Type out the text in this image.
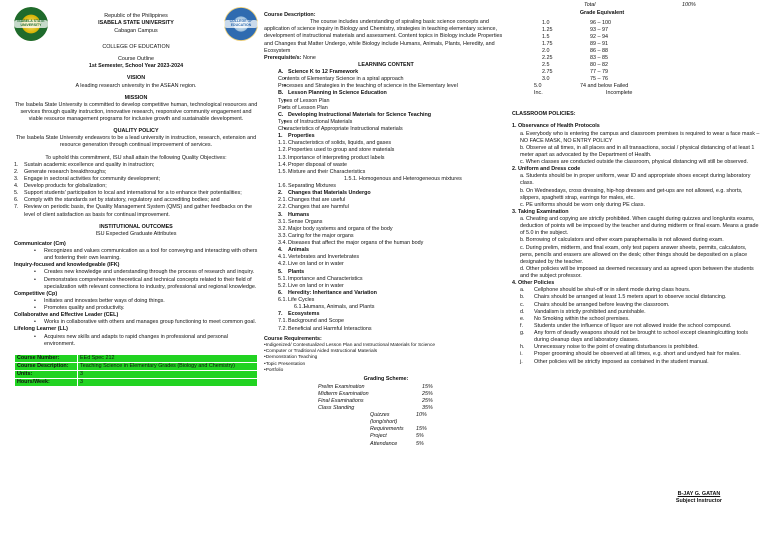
ISABELA STATE UNIVERSITY

Republic of the Philippines

ISABELA STATE UNIVERSITY

Cabagan Campus

COLLEGE OF EDUCATION

COLLEGE OF EDUCATION

Course Outline

1st Semester, School Year 2023-2024

VISION

A leading research university in the ASEAN region.

MISSION

The Isabela State University is committed to develop competitive human, technological resources and services through quality instruction, innovative research, responsive community engagement and viable resource management programs for inclusive growth and sustainable development.

QUALITY POLICY

The Isabela State University endeavors to be a lead university in instruction, research, extension and resource generation through continual improvement of services.

To uphold this commitment, ISU shall attain the following Quality Objectives:

1.	Sustain academic excellence and quality in instruction;
2.	Generate research breakthroughs;
3.	Engage in sectoral activities for community development;
4.	Develop products for globalization;
5.	Support students' participation to local and international for a to enhance their potentialities;
6.	Comply with the standards set by statutory, regulatory and accrediting bodies; and
7.	Review on periodic basis, the Quality Management System (QMS) and gather feedbacks on the level of client satisfaction as basis for continual improvement.

INSTITUTIONAL OUTCOMES

ISU Expected Graduate Attributes

Communicator (Cm)

• Recognizes and values communication as a tool for conveying and interacting with others and fostering their own learning.

Inquiry-focused and knowledgeable (IFK)

• Creates new knowledge and understanding through the process of research and inquiry.
• Demonstrates comprehensive theoretical and technical concepts related to their field of specialization with relevant connections to industry, professional and regional knowledge.

Competitive (Cp)

• Initiates and innovates better ways of doing things.
• Promotes quality and productivity.

Collaborative and Effective Leader (CEL)

• Works in collaborative with others and manages group functioning to meet common goal.

Lifelong Learner (LL)

• Acquires new skills and adapts to rapid changes in professional and personal environment.
Course Number:	EEd Spec 212
Course Description:	Teaching Science in Elementary Grades (Biology and Chemistry)
Units:	3
Hours/Week:	3

Course Description:

The course includes understanding of spiraling basic science concepts and application of science inquiry in Biology and Chemistry, strategies in teaching elementary science, development of instructional materials and assessment. Content topics in Biology include Properties and Changes that Matter Undergo, while Biology include Humans, Animals, Plants, Heredity, and Ecosystem

Prerequisite/s: None

LEARNING CONTENT

A. Science K to 12 Framework
• Contents of Elementary Science in a spiral approach
• Processes and Strategies in the teaching of science in the Elementary level
B. Lesson Planning in Science Education
• Types of Lesson Plan
• Parts of Lesson Plan
C. Developing Instructional Materials for Science Teaching
• Types of Instructional Materials
• Characteristics of Appropriate Instructional materials
1.	Properties
1.1. Characteristics of solids, liquids, and gases
1.2. Properties used to group and store materials
1.3. Importance of interpreting product labels
1.4. Proper disposal of waste
1.5. Mixture and their Characteristics
1.5.1. Homogenous and Heterogeneous mixtures
1.6. Separating Mixtures
2.	Changes that Materials Undergo
2.1. Changes that are useful
2.2. Changes that are harmful
3.	Humans
3.1. Sense Organs
3.2. Major body systems and organs of the body
3.3. Caring for the major organs
3.4. Diseases that affect the major organs of the human body
4.	Animals
4.1. Vertebrates and Invertebrates
4.2. Live on land or in water
5.	Plants
5.1. Importance and Characteristics
5.2. Live on land or in water
6.	Heredity: Inheritance and Variation
6.1. Life Cycles
6.1.1.
Humans, Animals, and Plants
7.	Ecosystems
7.1. Background and Scope
7.2. Beneficial and Harmful Interactions

Course Requirements:

•Indigenized/ Contextualized Lesson Plan and Instructional Materials for Science
•Computer or Traditional Aided Instructional Materials
•Demonstration Teaching
•Topic Presentation
•Portfolio

Grading Scheme:

Prelim Examination	15%
Midterm Examination	25%
Final Examinations	25%
Class Standing	35%
Quizzes (long/short)
10%
Requirements	15%
Project	5%
Attendance	5%
Total	100%

Grade Equivalent

1.0	96 – 100
1.25	93 – 97
1.5	92 – 94
1.75	89 – 91
2.0	86 – 88
2.25	83 – 85
2.5	80 – 82
2.75	77 – 79
3.0	75 – 76
5.0	74 and below Failed
Inc.	Incomplete

CLASSROOM POLICIES:

1. Observance of Health Protocols

a. Everybody who is entering the campus and classroom premises is required to wear a face mask – NO FACE MASK, NO ENTRY POLICY

b. Observe at all times, in all places and in all transactions, social / physical distancing of at least 1 meter apart as advocated by the Department of Health.

c. When classes are conducted outside the classroom, physical distancing will still be observed.

2. Uniform and Dress code

a. Students should be in proper uniform, wear ID and appropriate shoes except during laboratory class.

b. On Wednesdays, cross dressing, hip-hop dresses and get-ups are not allowed, e.g. shorts, slippers, spaghetti strap, earrings for males, etc.

c. PE uniforms should be worn only during PE class.

3. Taking Examination

a. Cheating and copying are strictly prohibited. When caught during quizzes and long/units exams, deduction of points will be imposed by the teacher and during midterm or final exam. Means a grade of 5.0 in the subject.

b. Borrowing of calculators and other exam paraphernalia is not allowed during exam.

c. During prelim, midterm, and final exam, only test papers answer sheets, permits, calculators, pens, pencils and erasers are allowed on the desk; other things should be deposited on a place designated by the teacher.

d. Other policies will be imposed as deemed necessary and as agreed upon between the students and the subject professor.

4. Other Policies

a.	Cellphone should be shut-off or in silent mode during class hours.
b.	Chairs should be arranged at least 1.5 meters apart to observe social distancing.
c.	Chairs should be arranged before leaving the classroom.
d.	Vandalism is strictly prohibited and punishable.
e.	No Smoking within the school premises.
f.	Students under the influence of liquor are not allowed inside the school compound.
g.	Any form of deadly weapons should not be brought to school except cleaning/cutting tools during cleanup days and laboratory classes.
h.	Unnecessary noise to the point of creating disturbances is prohibited.
i.	Proper grooming should be observed at all times, e.g. short and undyed hair for males.
j.	Other policies will be strictly imposed as contained in the student manual.

B-JAY G. GATAN

Subject Instructor
